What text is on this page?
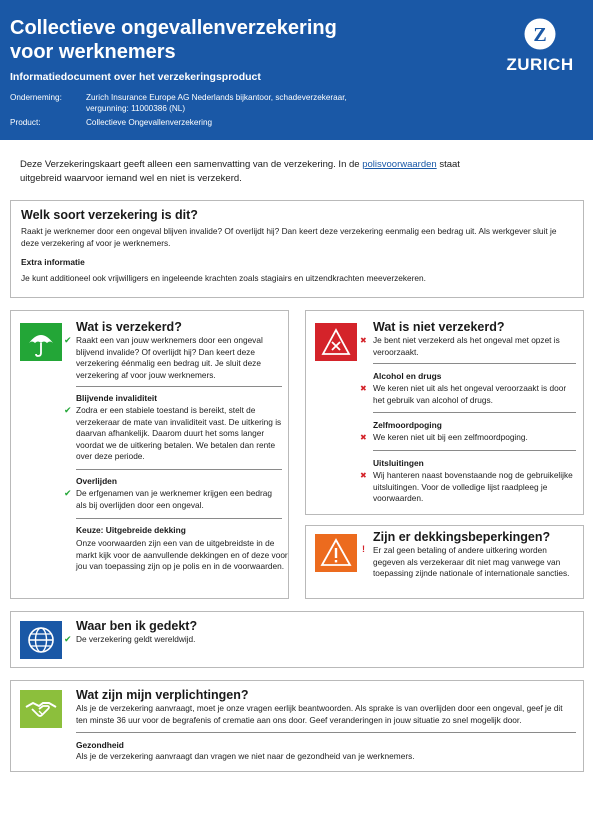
Collectieve ongevallenverzekering
voor werknemers
Informatiedocument over het verzekeringsproduct
Onderneming:	Zurich Insurance Europe AG Nederlands bijkantoor, schadeverzekeraar,
vergunning: 11000386 (NL)
Product:	Collectieve Ongevallenverzekering
Z
ZURICH
Deze Verzekeringskaart geeft alleen een samenvatting van de verzekering. In de polisvoorwaarden staat uitgebreid waarvoor iemand wel en niet is verzekerd.
Welk soort verzekering is dit?
Raakt je werknemer door een ongeval blijven invalide? Of overlijdt hij? Dan keert deze verzekering eenmalig een bedrag uit. Als werkgever sluit je deze verzekering af voor je werknemers.
Extra informatie
Je kunt additioneel ook vrijwilligers en ingeleende krachten zoals stagiairs en uitzendkrachten meeverzekeren.
Wat is verzekerd?
✔ Raakt een van jouw werknemers door een ongeval blijvend invalide? Of overlijdt hij? Dan keert deze verzekering éénmalig een bedrag uit. Je sluit deze verzekering af voor jouw werknemers.
Blijvende invaliditeit
✔ Zodra er een stabiele toestand is bereikt, stelt de verzekeraar de mate van invaliditeit vast. De uitkering is daarvan afhankelijk. Daarom duurt het soms langer voordat we de uitkering betalen. We betalen dan rente over deze periode.
Overlijden
✔ De erfgenamen van je werknemer krijgen een bedrag als bij overlijden door een ongeval.
Keuze: Uitgebreide dekking
Onze voorwaarden zijn een van de uitgebreidste in de markt kijk voor de aanvullende dekkingen en of deze voor jou van toepassing zijn op je polis en in de voorwaarden.
Wat is niet verzekerd?
✖ Je bent niet verzekerd als het ongeval met opzet is veroorzaakt.
Alcohol en drugs
✖ We keren niet uit als het ongeval veroorzaakt is door het gebruik van alcohol of drugs.
Zelfmoordpoging
✖ We keren niet uit bij een zelfmoordpoging.
Uitsluitingen
✖ Wij hanteren naast bovenstaande nog de gebruikelijke uitsluitingen. Voor de volledige lijst raadpleeg je voorwaarden.
Zijn er dekkingsbeperkingen?
! Er zal geen betaling of andere uitkering worden gegeven als verzekeraar dit niet mag vanwege van toepassing zijnde nationale of internationale sancties.
Waar ben ik gedekt?
✔ De verzekering geldt wereldwijd.
Wat zijn mijn verplichtingen?
Als je de verzekering aanvraagt, moet je onze vragen eerlijk beantwoorden. Als sprake is van overlijden door een ongeval, geef je dit ten minste 36 uur voor de begrafenis of crematie aan ons door. Geef veranderingen in jouw situatie zo snel mogelijk door.
Gezondheid
Als je de verzekering aanvraagt dan vragen we niet naar de gezondheid van je werknemers.
